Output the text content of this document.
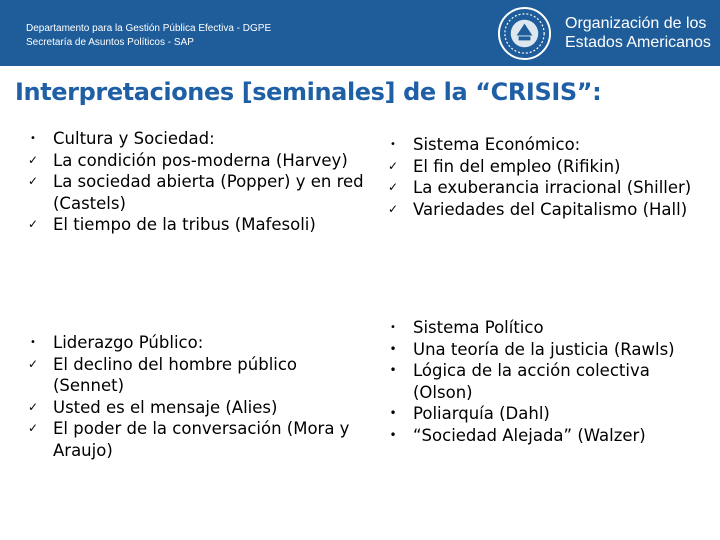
Departamento para la Gestión Pública Efectiva - DGPE
Secretaría de Asuntos Políticos - SAP
Organización de los
Estados Americanos
Interpretaciones [seminales] de la “CRISIS”:
• Cultura y Sociedad:
✓ La condición pos-moderna (Harvey)
✓ La sociedad abierta (Popper) y en red (Castels)
✓ El tiempo de la tribus (Mafesoli)
• Liderazgo Público:
✓ El declino del hombre público (Sennet)
✓ Usted es el mensaje (Alies)
✓ El poder de la conversación (Mora y Araujo)
• Sistema Económico:
✓ El fin del empleo (Rifikin)
✓ La exuberancia irracional (Shiller)
✓ Variedades del Capitalismo (Hall)
• Sistema Político
• Una teoría de la justicia (Rawls)
• Lógica de la acción colectiva (Olson)
• Poliarquía (Dahl)
• “Sociedad Alejada” (Walzer)
